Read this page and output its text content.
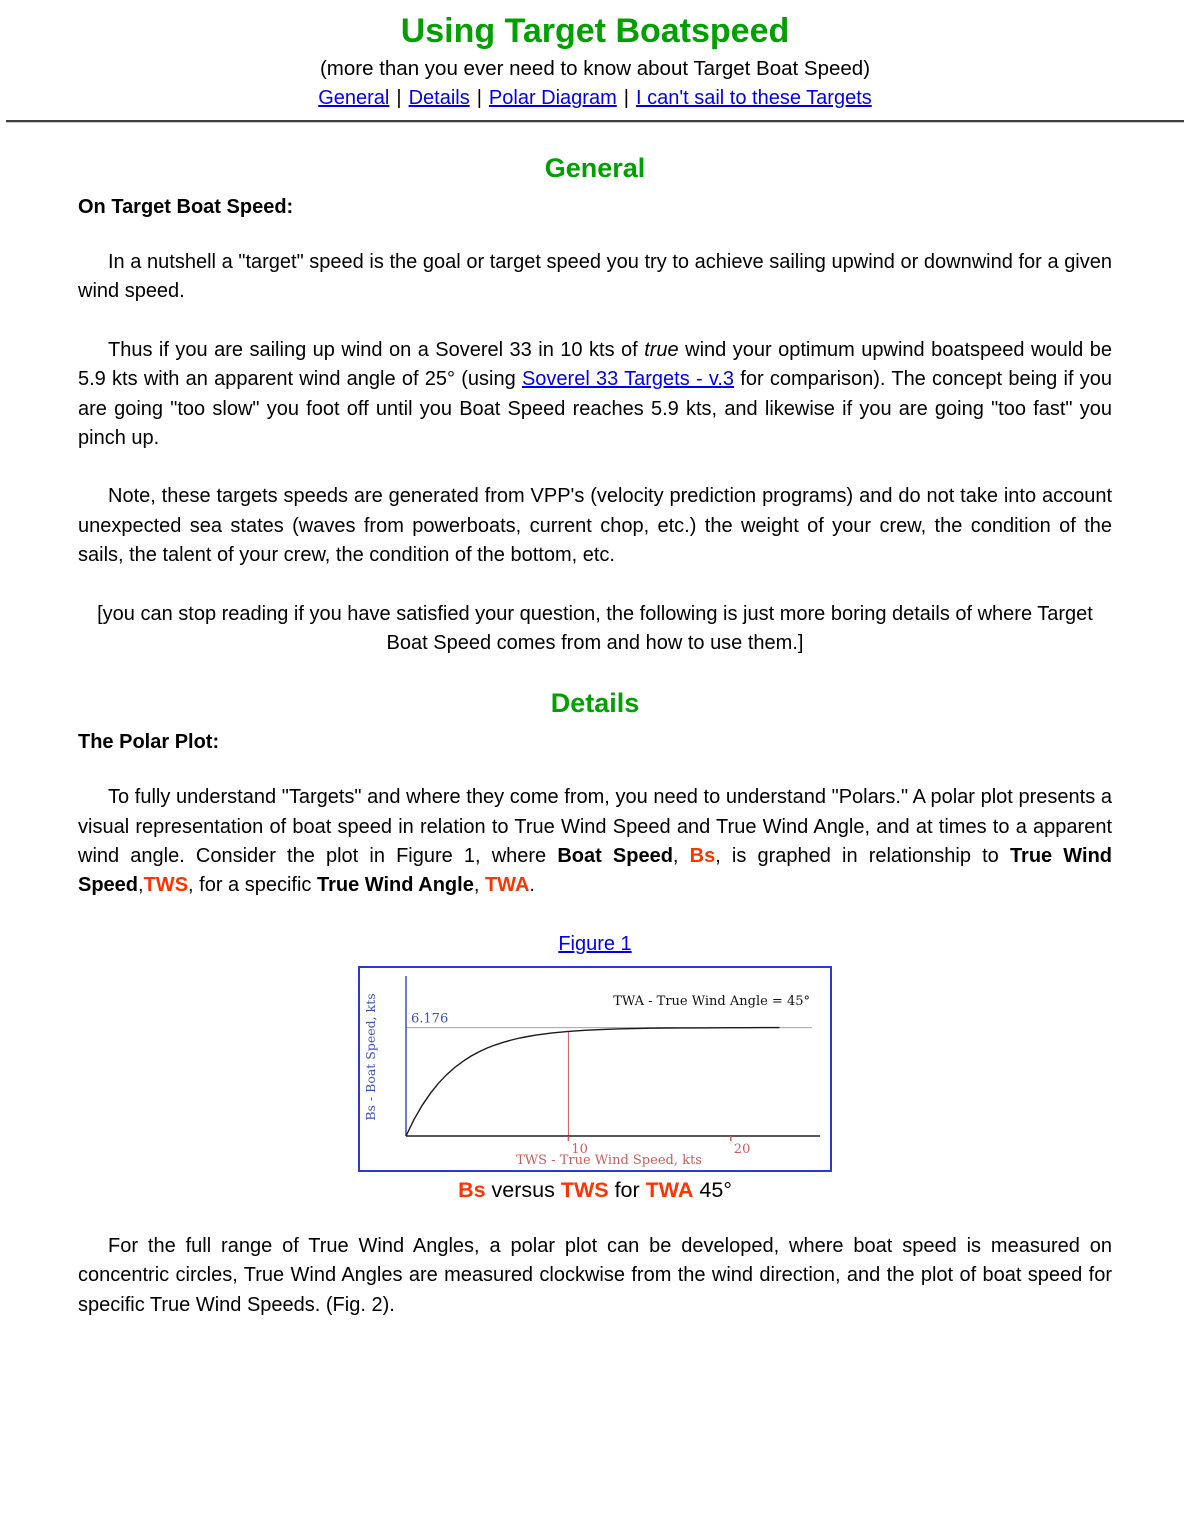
Using Target Boatspeed
(more than you ever need to know about Target Boat Speed)
General | Details | Polar Diagram | I can't sail to these Targets
General

On Target Boat Speed:

In a nutshell a "target" speed is the goal or target speed you try to achieve sailing upwind or downwind for a given wind speed.

Thus if you are sailing up wind on a Soverel 33 in 10 kts of true wind your optimum upwind boatspeed would be 5.9 kts with an apparent wind angle of 25° (using Soverel 33 Targets - v.3 for comparison). The concept being if you are going "too slow" you foot off until you Boat Speed reaches 5.9 kts, and likewise if you are going "too fast" you pinch up.

Note, these targets speeds are generated from VPP's (velocity prediction programs) and do not take into account unexpected sea states (waves from powerboats, current chop, etc.) the weight of your crew, the condition of the sails, the talent of your crew, the condition of the bottom, etc.

[you can stop reading if you have satisfied your question, the following is just more boring details of where Target Boat Speed comes from and how to use them.]

Details

The Polar Plot:

To fully understand "Targets" and where they come from, you need to understand "Polars." A polar plot presents a visual representation of boat speed in relation to True Wind Speed and True Wind Angle, and at times to a apparent wind angle. Consider the plot in Figure 1, where Boat Speed, Bs, is graphed in relationship to True Wind Speed,TWS, for a specific True Wind Angle, TWA.

Figure 1
10	20
6.176
TWA - True Wind Angle = 45°
Bs - Boat Speed, kts
TWS - True Wind Speed, kts
Bs versus TWS for TWA 45°

For the full range of True Wind Angles, a polar plot can be developed, where boat speed is measured on concentric circles, True Wind Angles are measured clockwise from the wind direction, and the plot of boat speed for specific True Wind Speeds. (Fig. 2).
